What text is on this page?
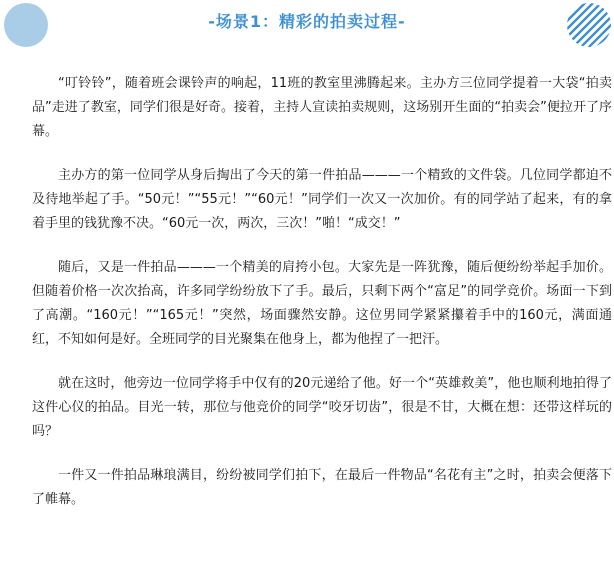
-场景1：精彩的拍卖过程-

“叮铃铃”，随着班会课铃声的响起，11班的教室里沸腾起来。主办方三位同学提着一大袋“拍卖品”走进了教室，同学们很是好奇。接着，主持人宣读拍卖规则，这场别开生面的“拍卖会”便拉开了序幕。

主办方的第一位同学从身后掏出了今天的第一件拍品———一个精致的文件袋。几位同学都迫不及待地举起了手。“50元！”“55元！”“60元！”同学们一次又一次加价。有的同学站了起来，有的拿着手里的钱犹豫不决。“60元一次，两次，三次！”啪！“成交！”

随后，又是一件拍品———一个精美的肩挎小包。大家先是一阵犹豫，随后便纷纷举起手加价。但随着价格一次次抬高，许多同学纷纷放下了手。最后，只剩下两个“富足”的同学竞价。场面一下到了高潮。“160元！”“165元！”突然，场面骤然安静。这位男同学紧紧攥着手中的160元，满面通红，不知如何是好。全班同学的目光聚集在他身上，都为他捏了一把汗。

就在这时，他旁边一位同学将手中仅有的20元递给了他。好一个“英雄救美”，他也顺利地拍得了这件心仪的拍品。目光一转，那位与他竞价的同学“咬牙切齿”，很是不甘，大概在想：还带这样玩的吗？

一件又一件拍品琳琅满目，纷纷被同学们拍下，在最后一件物品“名花有主”之时，拍卖会便落下了帷幕。
